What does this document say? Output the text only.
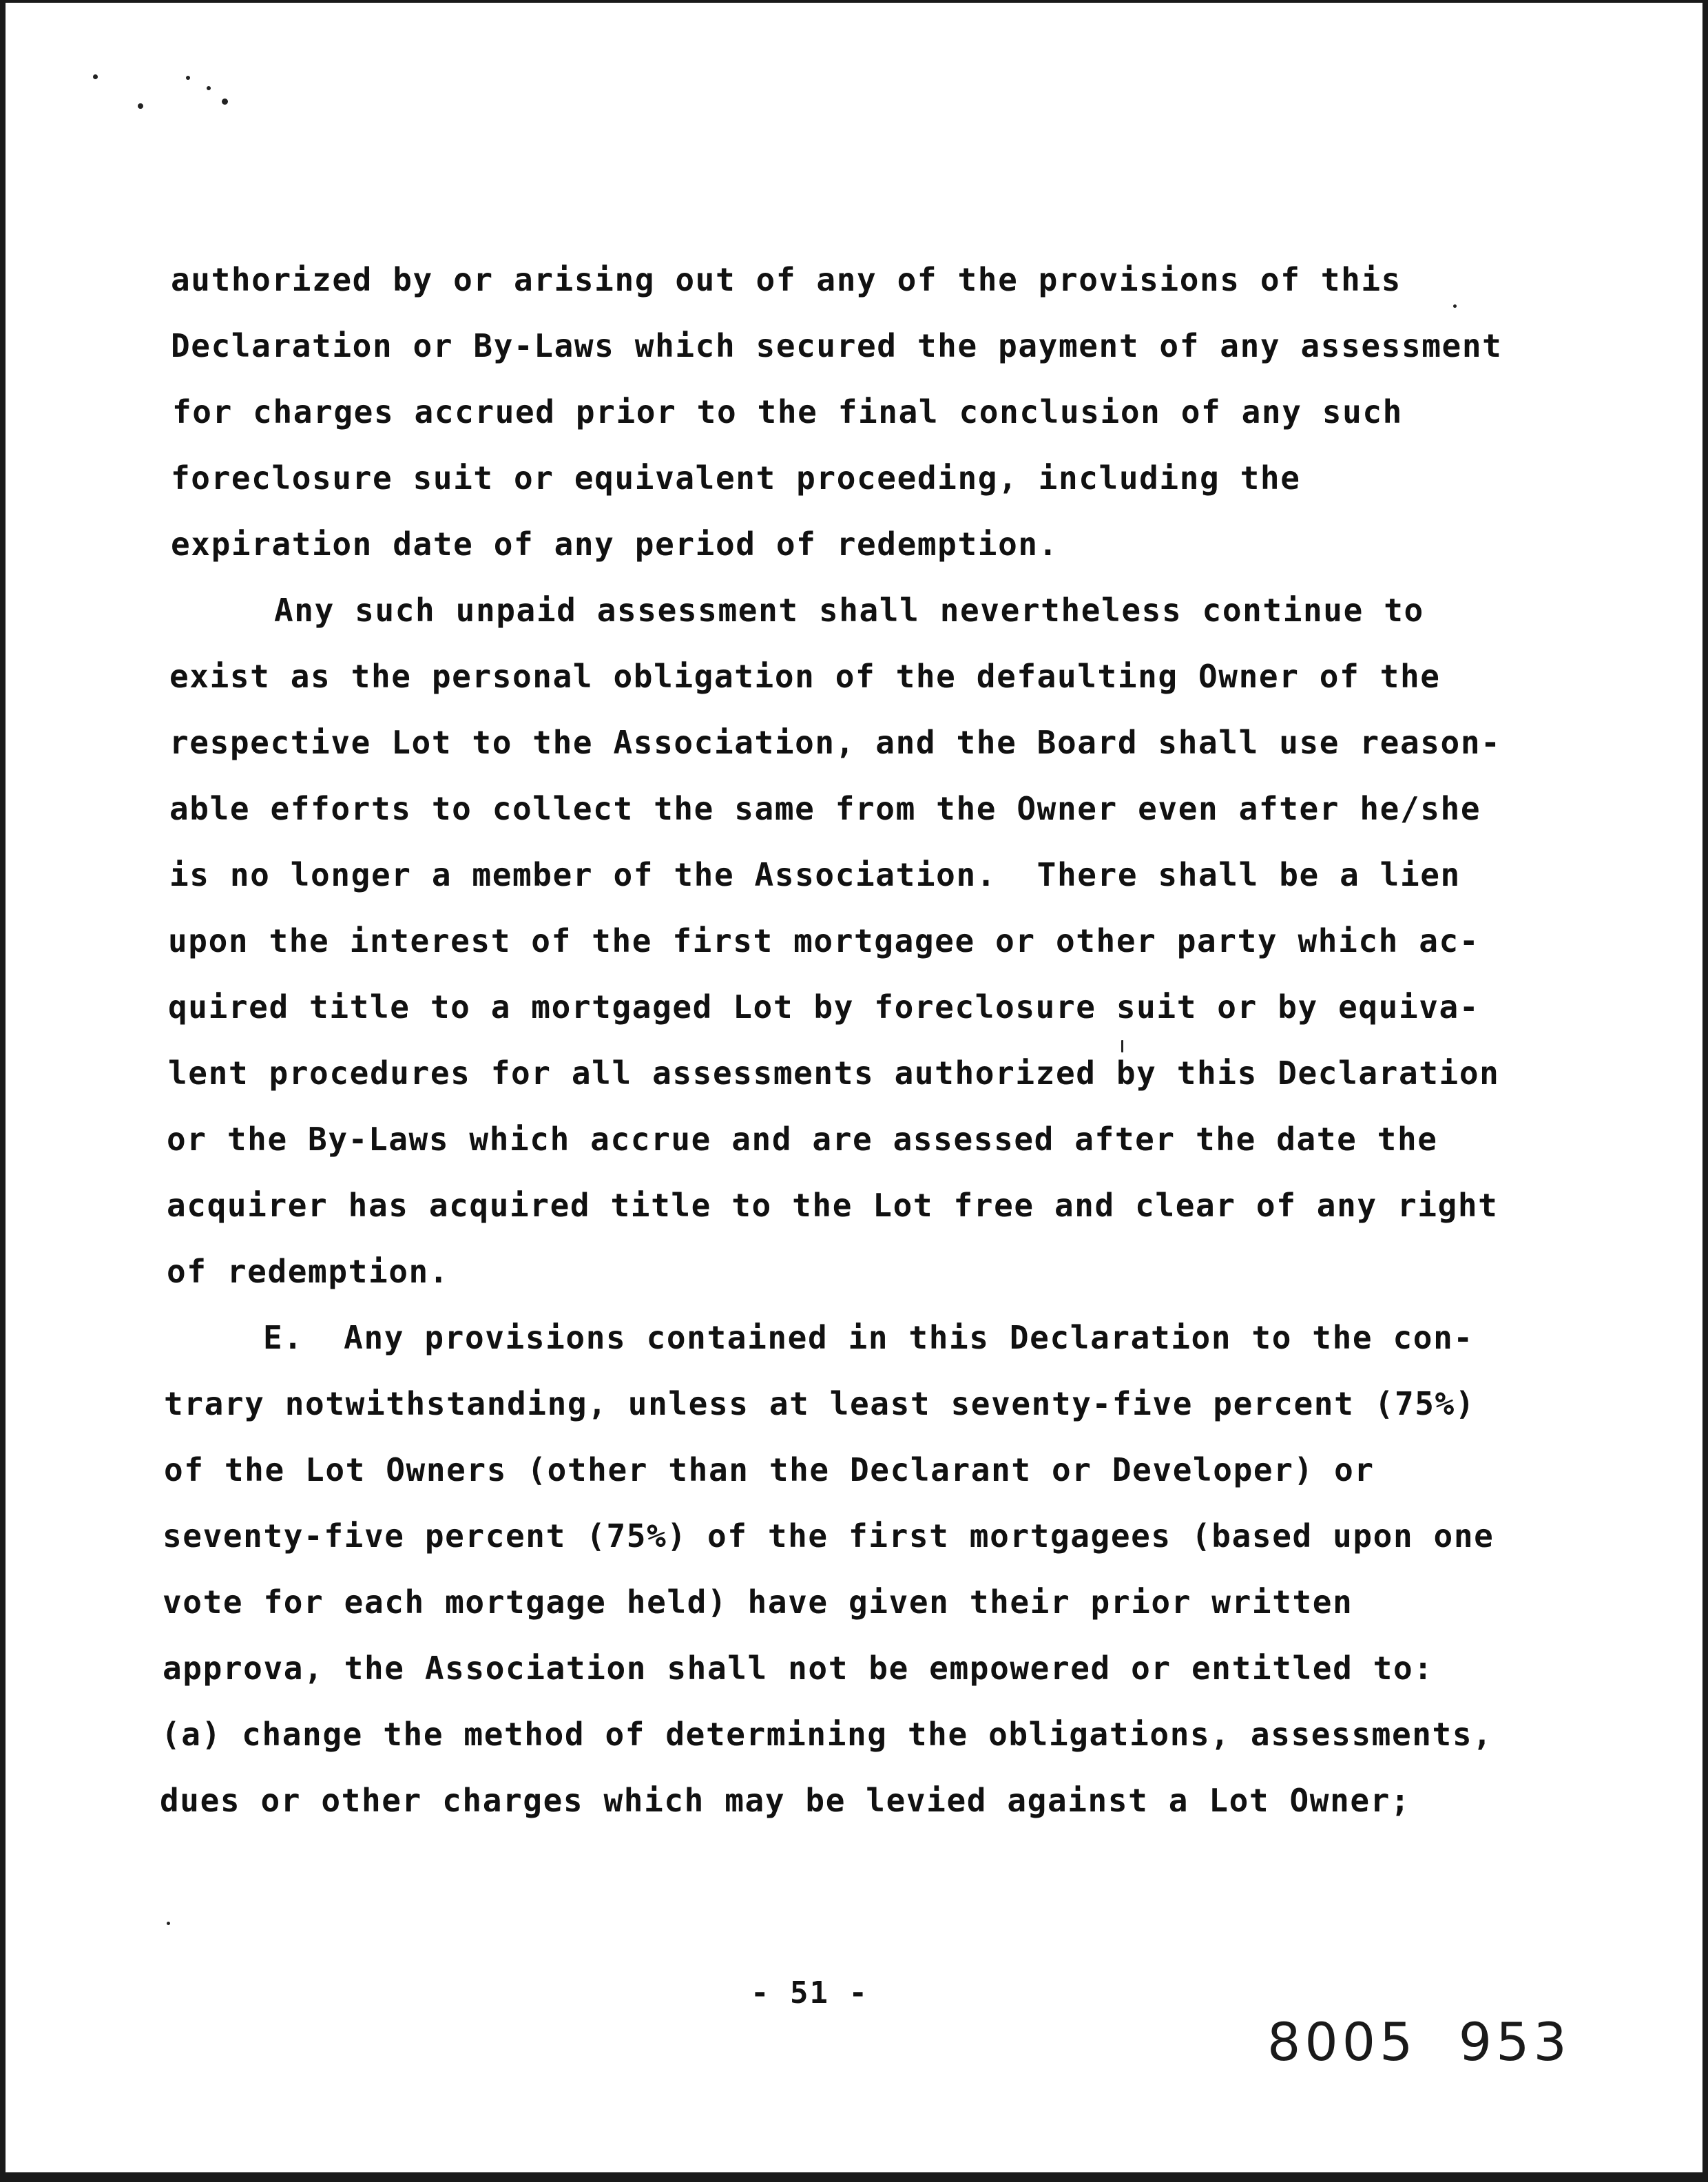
authorized by or arising out of any of the provisions of this
Declaration or By-Laws which secured the payment of any assessment
for charges accrued prior to the final conclusion of any such
foreclosure suit or equivalent proceeding, including the
expiration date of any period of redemption.
Any such unpaid assessment shall nevertheless continue to
exist as the personal obligation of the defaulting Owner of the
respective Lot to the Association, and the Board shall use reason-
able efforts to collect the same from the Owner even after he/she
is no longer a member of the Association.  There shall be a lien
upon the interest of the first mortgagee or other party which ac-
quired title to a mortgaged Lot by foreclosure suit or by equiva-
lent procedures for all assessments authorized by this Declaration
or the By-Laws which accrue and are assessed after the date the
acquirer has acquired title to the Lot free and clear of any right
of redemption.
E.  Any provisions contained in this Declaration to the con-
trary notwithstanding, unless at least seventy-five percent (75%)
of the Lot Owners (other than the Declarant or Developer) or
seventy-five percent (75%) of the first mortgagees (based upon one
vote for each mortgage held) have given their prior written
approva, the Association shall not be empowered or entitled to:
(a) change the method of determining the obligations, assessments,
dues or other charges which may be levied against a Lot Owner;
- 51 -
8005  953
